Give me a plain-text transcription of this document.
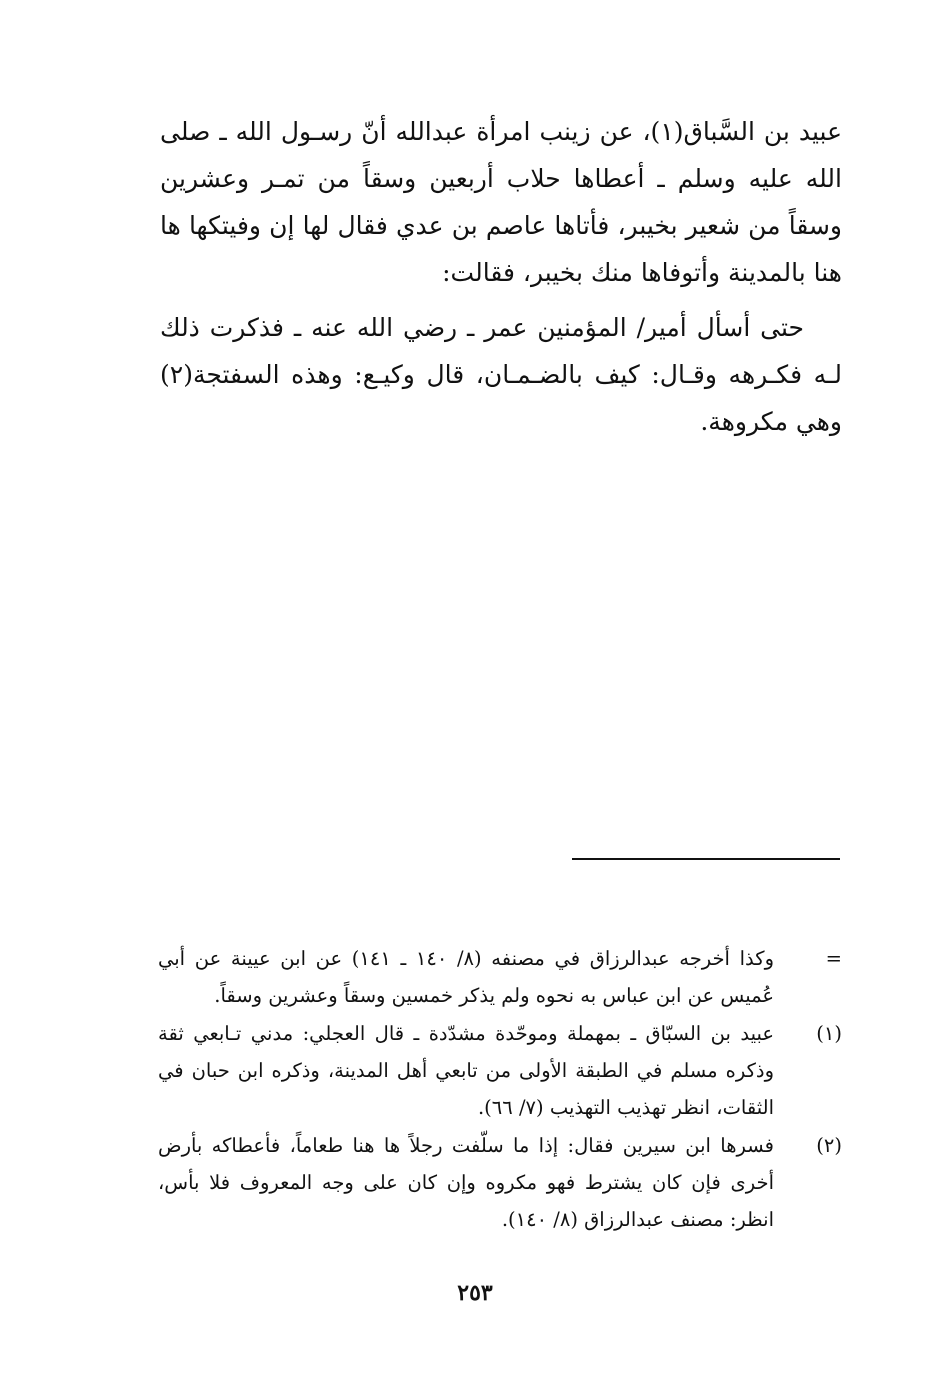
عبيد بن السَّباق(١)، عن زينب امرأة عبدالله أنّ رسـول الله ـ صلى الله عليه وسلم ـ أعطاها حلاب أربعين وسقاً من تمـر وعشرين وسقاً من شعير بخيبر، فأتاها عاصم بن عدي فقال لها إن وفيتكها ها هنا بالمدينة وأتوفاها منك بخيبر، فقالت:

حتى أسأل أمير/ المؤمنين عمر ـ رضي الله عنه ـ فذكرت ذلك لـه فكـرهه وقـال: كيف بالضـمـان، قال وكيـع: وهذه السفتجة(٢) وهي مكروهة.

=
وكذا أخرجه عبدالرزاق في مصنفه (٨/ ١٤٠ ـ ١٤١) عن ابن عيينة عن أبي عُميس عن ابن عباس به نحوه ولم يذكر خمسين وسقاً وعشرين وسقاً.
(١)
عبيد بن السبّاق ـ بمهملة وموحّدة مشدّدة ـ قال العجلي: مدني تـابعي ثقة وذكره مسلم في الطبقة الأولى من تابعي أهل المدينة، وذكره ابن حبان في الثقات، انظر تهذيب التهذيب (٧/ ٦٦).
(٢)
فسرها ابن سيرين فقال: إذا ما سلّفت رجلاً ها هنا طعاماً، فأعطاكه بأرض أخرى فإن كان يشترط فهو مكروه وإن كان على وجه المعروف فلا بأس، انظر: مصنف عبدالرزاق (٨/ ١٤٠).
٢٥٣
